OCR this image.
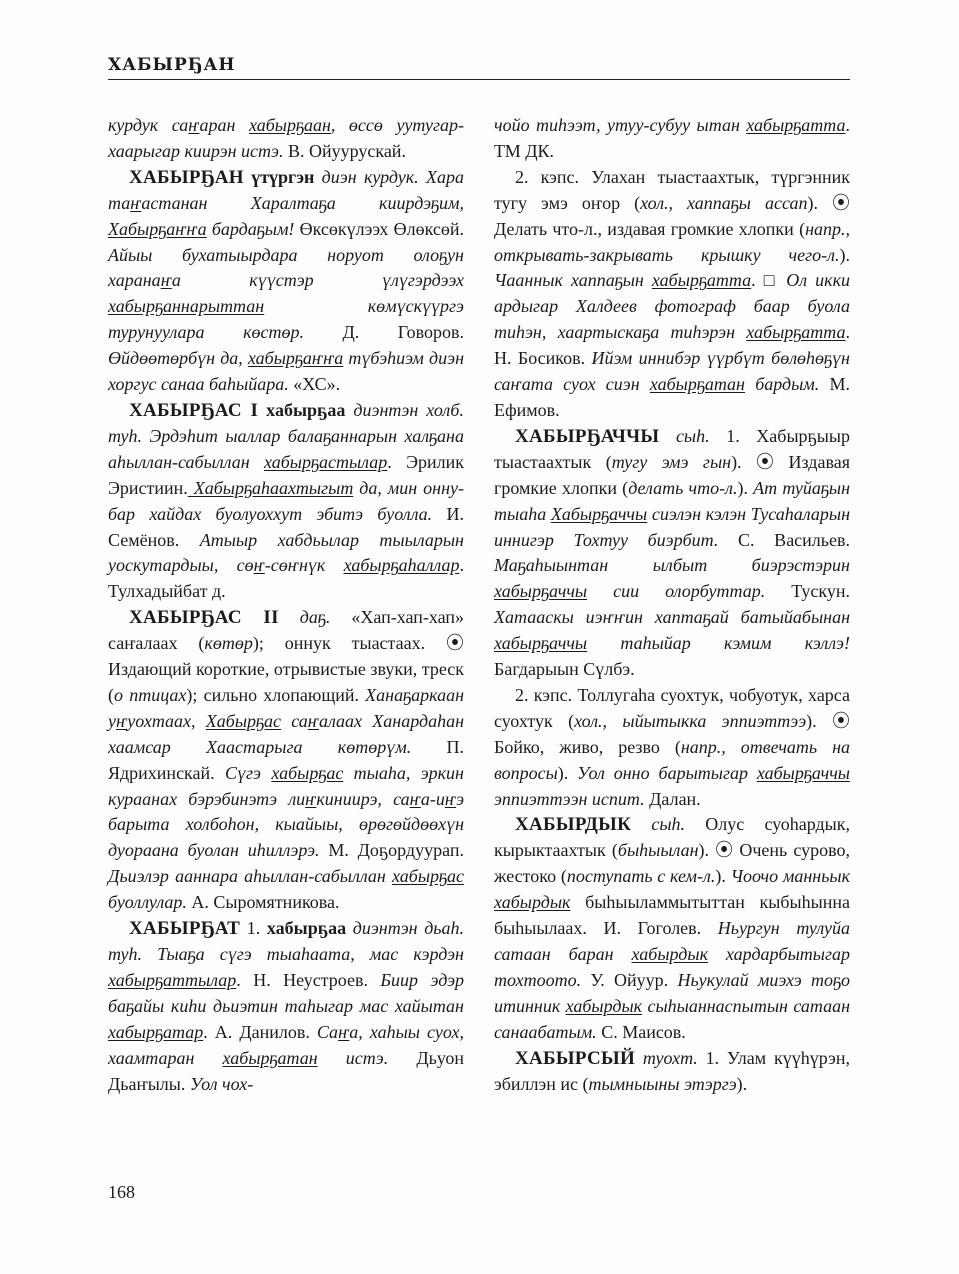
ХАБЫРҔАН

курдук саҥаран хабырҕаан, өссө уутугар-хаарыгар киирэн истэ. В. Ойуурускай.

ХАБЫРҔАН үтүргэн диэн курдук. Хара таҥастанан Харалтаҕа киирдэҕим, Хабырҕаҥҥа бардаҕым! Өксөкүлээх Өлөксөй. Айыы бухатыырдара норуот олоҕун харанаҥа күүстэр үлүгэрдээх хабырҕаннарыттан көмүскүүргэ турунуулара көстөр. Д. Говоров. Өйдөөтөрбүн да, хабырҕаҥҥа түбэһиэм диэн хоргус санаа баһыйара. «ХС».

ХАБЫРҔАС I хабырҕаа диэнтэн холб. туһ. Эрдэһит ыаллар балаҕаннарын халҕана аһыллан-сабыллан хабырҕастылар. Эрилик Эристиин. Хабырҕаһаахтыгыт да, мин оннубар хайдах буолуоххут эбитэ буолла. И. Семёнов. Атыыр хабдьылар тыыларын уоскутардыы, сөҥ-сөҥнүк хабырҕаһаллар. Тулхадыйбат д.

ХАБЫРҔАС II даҕ. «Хап-хап-хап» саҥалаах (көтөр); оннук тыастаах. ⦿ Издающий короткие, отрывистые звуки, треск (о птицах); сильно хлопающий. Ханаҕаркаан уҥуохтаах, Хабырҕас саҥалаах Ханардаһан хаамсар Хаастарыга көтөрүм. П. Ядрихинскай. Сүгэ хабырҕас тыаһа, эркин кураанах бэрэбинэтэ лиҥкиниирэ, саҥа-иҥэ барыта холбоһон, кыайыы, өрөгөйдөөхүн дуораана буолан иһиллэрэ. М. Доҕордуурап. Дьиэлэр ааннара аһыллан-сабыллан хабырҕас буоллулар. А. Сыромятникова.

ХАБЫРҔАТ 1. хабырҕаа диэнтэн дьаһ. туһ. Тыаҕа сүгэ тыаһаата, мас кэрдэн хабырҕаттылар. Н. Неустроев. Биир эдэр баҕайы киһи дьиэтин таһыгар мас хайытан хабырҕатар. А. Данилов. Саҥа, хаһыы суох, хаамтаран хабырҕатан истэ. Дьуон Дьаҥылы. Уол чох-

чойо тиһээт, утуу-субуу ытан хабырҕатта. ТМ ДК.

2. кэпс. Улахан тыастаахтык, түргэнник тугу эмэ оҥор (хол., хаппаҕы ассап). ⦿ Делать что-л., издавая громкие хлопки (напр., открывать-закрывать крышку чего-л.). Чааннык хаппаҕын хабырҕатта. □ Ол икки ардыгар Халдеев фотограф баар буола тиһэн, хаартыскаҕа тиһэрэн хабырҕатта. Н. Босиков. Ийэм иннибэр үүрбүт бөлөһөҕүн саҥата суох сиэн хабырҕатан бардым. М. Ефимов.

ХАБЫРҔАЧЧЫ сыһ. 1. Хабырҕыыр тыастаахтык (тугу эмэ гын). ⦿ Издавая громкие хлопки (делать что-л.). Ат туйаҕын тыаһа Хабырҕаччы сиэлэн кэлэн Тусаһаларын иннигэр Тохтуу биэрбит. С. Васильев. Маҕаһыынтан ылбыт биэрэстэрин хабырҕаччы сии олорбуттар. Тускун. Хатааскы иэҥҥин хаптаҕай батыйабынан хабырҕаччы таһыйар кэмим кэллэ! Багдарыын Сүлбэ.

2. кэпс. Толлугаһа суохтук, чобуотук, харса суохтук (хол., ыйытыкка эппиэттээ). ⦿ Бойко, живо, резво (напр., отвечать на вопросы). Уол онно барытыгар хабырҕаччы эппиэттээн испит. Далан.

ХАБЫРДЫК сыһ. Олус суоһардык, кырыктаахтык (быһыылан). ⦿ Очень сурово, жестоко (поступать с кем-л.). Чоочо манньык хабырдык быһыыламмытыттан кыбыһынна быһыылаах. И. Гоголев. Ньургун тулуйа сатаан баран хабырдык хардарбытыгар тохтоото. У. Ойуур. Ньукулай миэхэ тоҕо итинник хабырдык сыһыаннаспытын сатаан санаабатым. С. Маисов.

ХАБЫРСЫЙ туохт. 1. Улам күүһүрэн, эбиллэн ис (тымныыны этэргэ).

168
